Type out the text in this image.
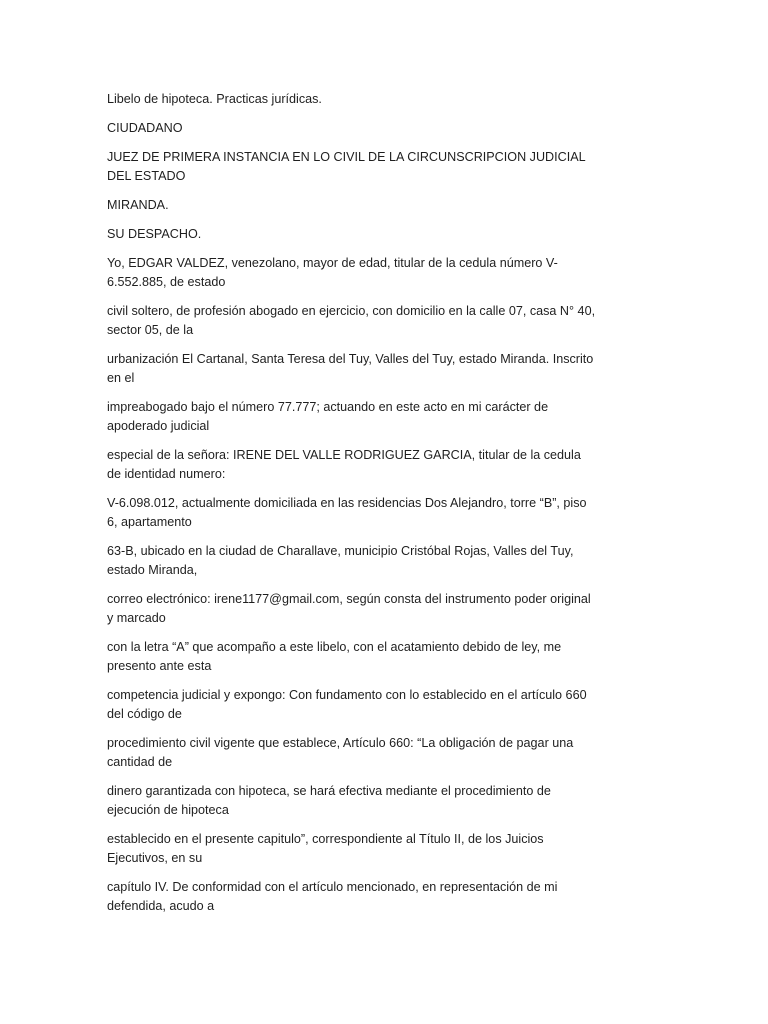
Libelo de hipoteca. Practicas jurídicas.

CIUDADANO

JUEZ DE PRIMERA INSTANCIA EN LO CIVIL DE LA CIRCUNSCRIPCION JUDICIAL DEL ESTADO

MIRANDA.

SU DESPACHO.

Yo, EDGAR VALDEZ, venezolano, mayor de edad, titular de la cedula número V-6.552.885, de estado

civil soltero, de profesión abogado en ejercicio, con domicilio en la calle 07, casa N° 40, sector 05, de la

urbanización El Cartanal, Santa Teresa del Tuy, Valles del Tuy, estado Miranda. Inscrito en el

impreabogado bajo el número 77.777; actuando en este acto en mi carácter de apoderado judicial

especial de la señora: IRENE DEL VALLE RODRIGUEZ GARCIA, titular de la cedula de identidad numero:

V-6.098.012, actualmente domiciliada en las residencias Dos Alejandro, torre “B”, piso 6, apartamento

63-B, ubicado en la ciudad de Charallave, municipio Cristóbal Rojas, Valles del Tuy, estado Miranda,

correo electrónico: irene1177@gmail.com, según consta del instrumento poder original y marcado

con la letra “A” que acompaño a este libelo, con el acatamiento debido de ley, me presento ante esta

competencia judicial y expongo: Con fundamento con lo establecido en el artículo 660 del código de

procedimiento civil vigente que establece, Artículo 660: “La obligación de pagar una cantidad de

dinero garantizada con hipoteca, se hará efectiva mediante el procedimiento de ejecución de hipoteca

establecido en el presente capitulo”, correspondiente al Título II, de los Juicios Ejecutivos, en su

capítulo IV. De conformidad con el artículo mencionado, en representación de mi defendida, acudo a
